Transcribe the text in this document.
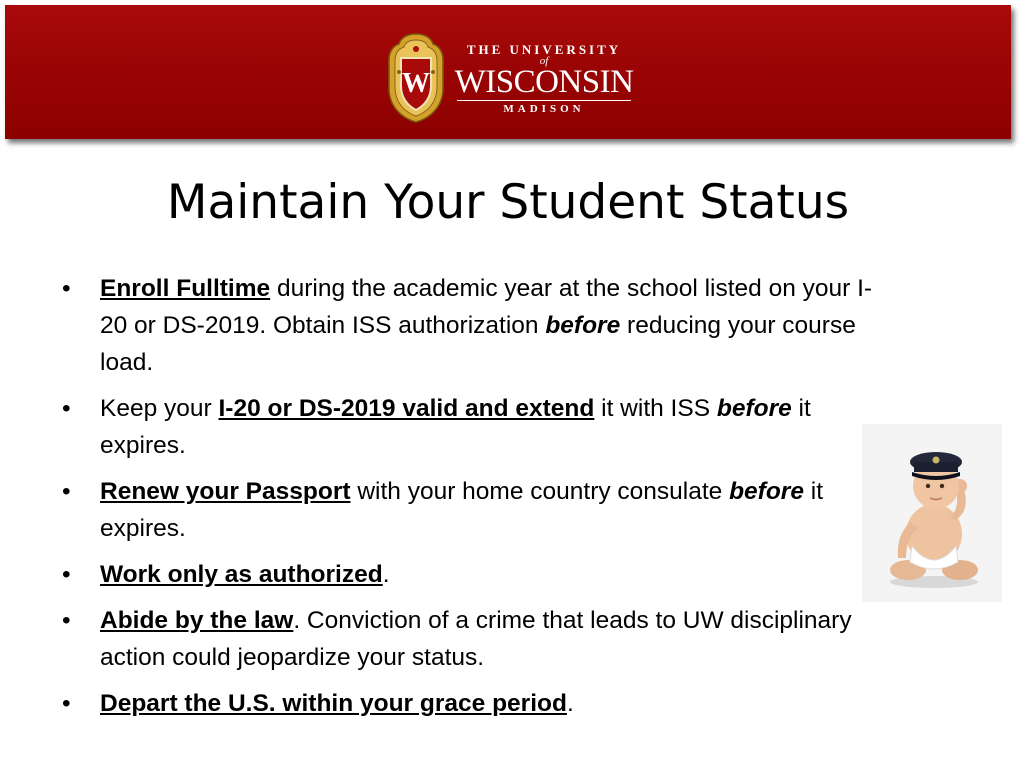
W
THE UNIVERSITY
of
WISCONSIN
MADISON
Maintain Your Student Status
• Enroll Fulltime during the academic year at the school listed on your I-20 or DS-2019. Obtain ISS authorization before reducing your course load.
• Keep your I-20 or DS-2019 valid and extend it with ISS before it expires.
• Renew your Passport with your home country consulate before it expires.
• Work only as authorized.
• Abide by the law. Conviction of a crime that leads to UW disciplinary action could jeopardize your status.
• Depart the U.S. within your grace period.
